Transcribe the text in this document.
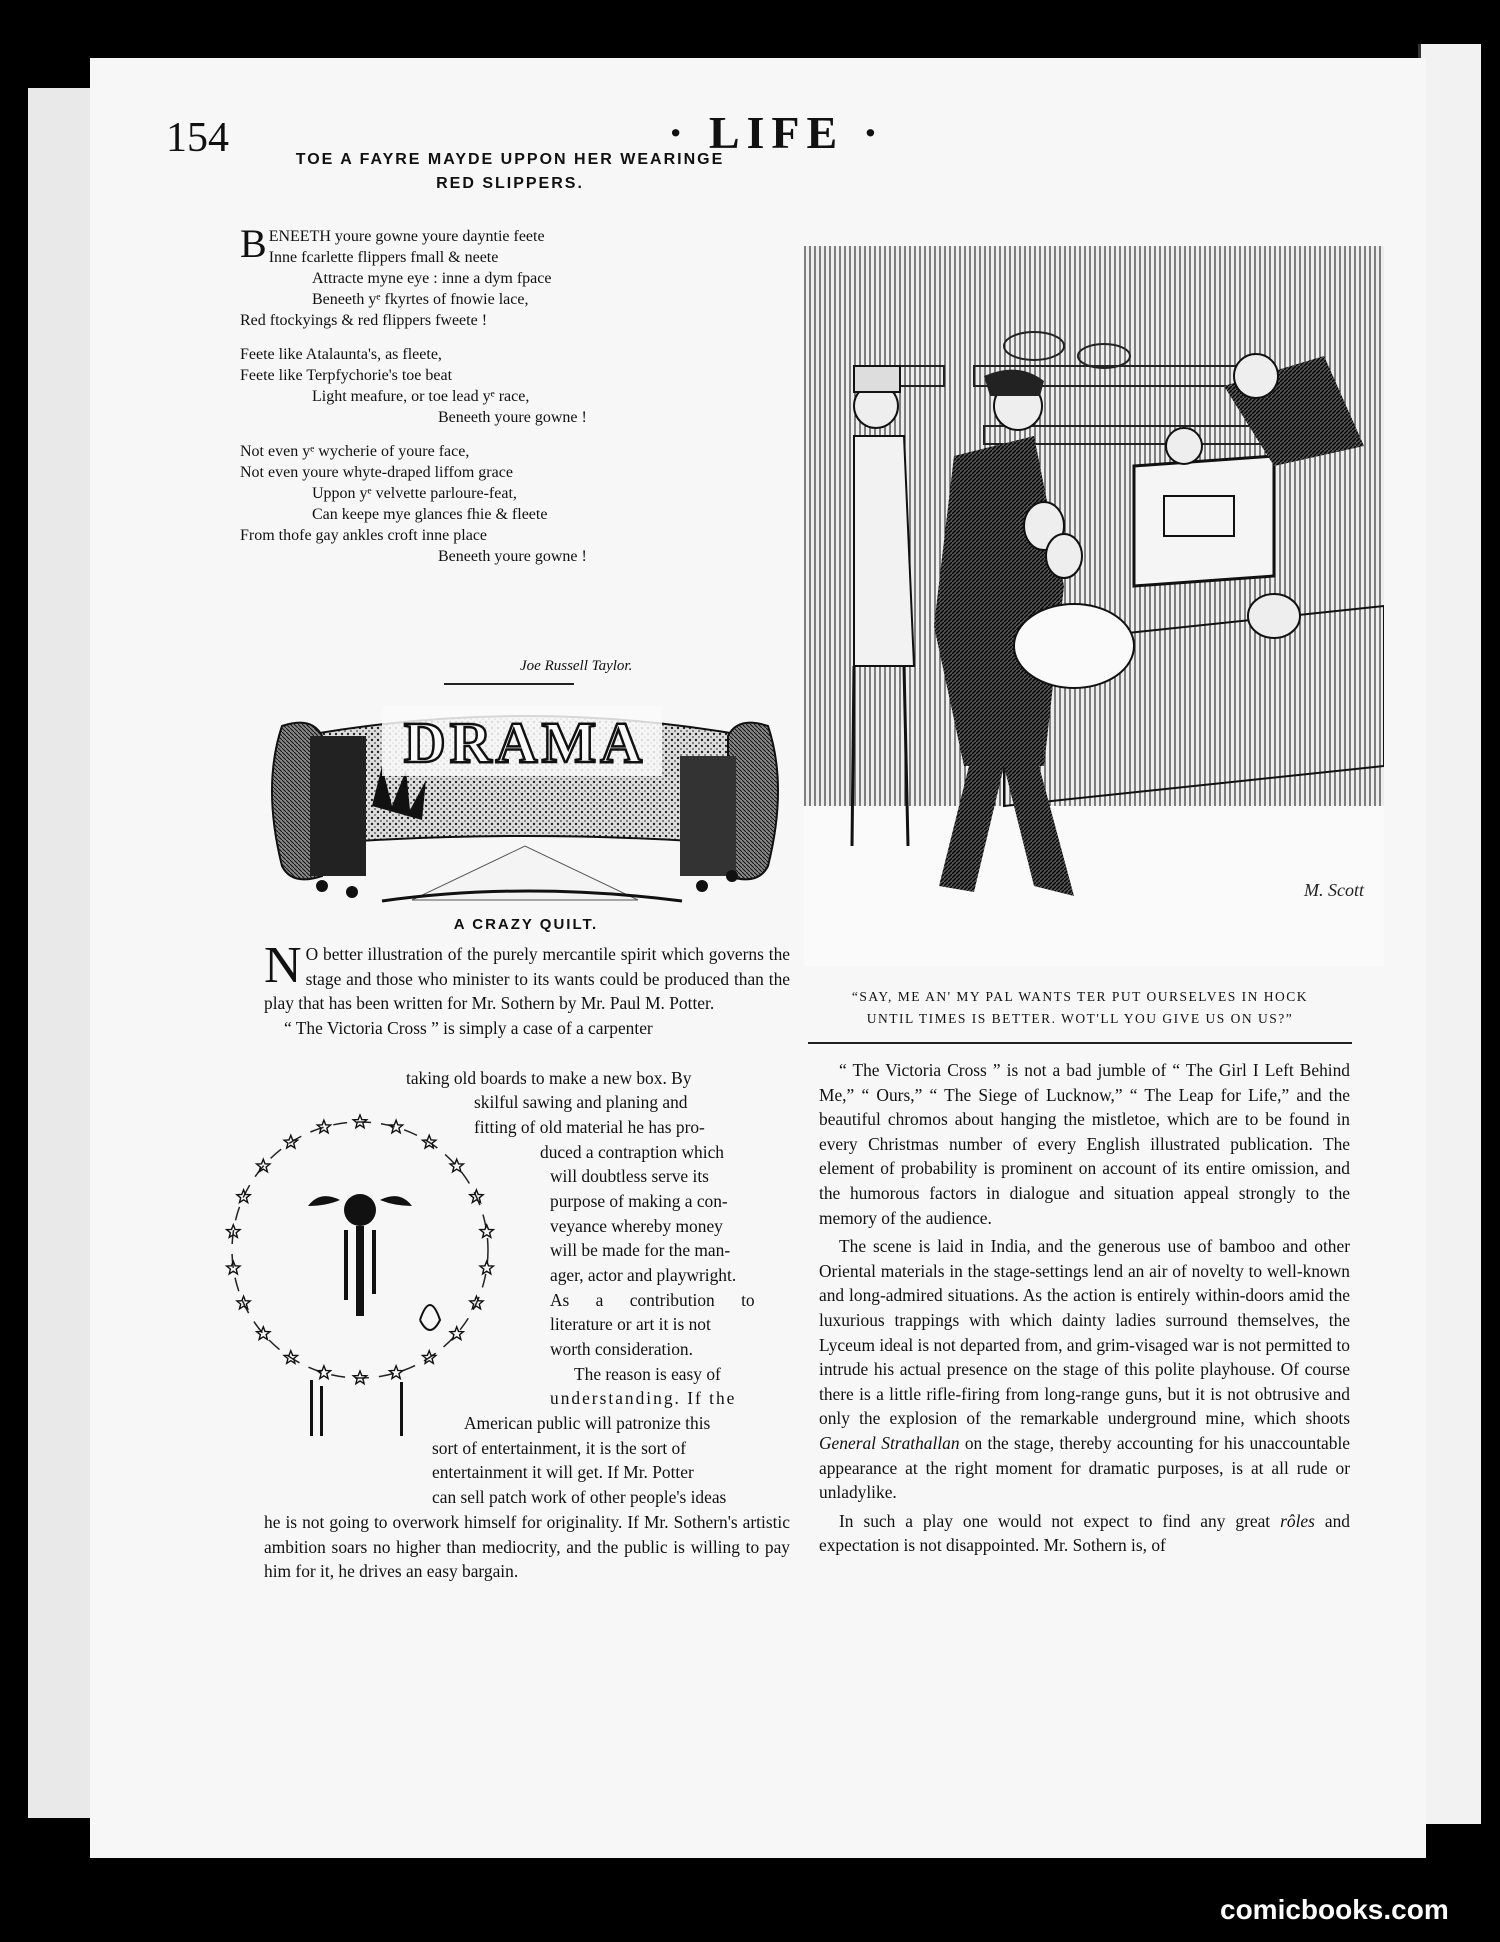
154	· LIFE ·
TOE A FAYRE MAYDE UPPON HER WEARINGE
RED SLIPPERS.
BENEETH youre gowne youre dayntie feete
Inne fcarlette flippers fmall & neete
Attracte myne eye : inne a dym fpace
Beneeth yᵉ fkyrtes of fnowie lace,
Red ftockyings & red flippers fweete !
Feete like Atalaunta's, as fleete,
Feete like Terpfychorie's toe beat
Light meafure, or toe lead yᵉ race,
Beneeth youre gowne !
Not even yᵉ wycherie of youre face,
Not even youre whyte-draped liffom grace
Uppon yᵉ velvette parloure-feat,
Can keepe mye glances fhie & fleete
From thofe gay ankles croft inne place
Beneeth youre gowne !
Joe Russell Taylor.
DRAMA
A CRAZY QUILT.

N O better illustration of the purely mercantile spirit which governs the stage and those who minister to its wants could be produced than the play that has been written for Mr. Sothern by Mr. Paul M. Potter.

“ The Victoria Cross ” is simply a case of a carpenter

taking old boards to make a new box. By
skilful sawing and planing and
fitting of old material he has pro-
duced a contraption which
will doubtless serve its
purpose of making a con-
veyance whereby money
will be made for the man-
ager, actor and playwright.
As a contribution to
literature or art it is not
worth consideration.
The reason is easy of
understanding. If the
American public will patronize this
sort of entertainment, it is the sort of
entertainment it will get. If Mr. Potter
can sell patch work of other people's ideas
he is not going to overwork himself for originality. If Mr. Sothern's artistic ambition soars no higher than mediocrity, and the public is willing to pay him for it, he drives an easy bargain.
M. Scott
“SAY, ME AN' MY PAL WANTS TER PUT OURSELVES IN HOCK
UNTIL TIMES IS BETTER. WOT'LL YOU GIVE US ON US?”

“ The Victoria Cross ” is not a bad jumble of “ The Girl I Left Behind Me,” “ Ours,” “ The Siege of Lucknow,” “ The Leap for Life,” and the beautiful chromos about hanging the mistletoe, which are to be found in every Christmas number of every English illustrated publication. The element of probability is prominent on account of its entire omission, and the humorous factors in dialogue and situation appeal strongly to the memory of the audience.

The scene is laid in India, and the generous use of bamboo and other Oriental materials in the stage-settings lend an air of novelty to well-known and long-admired situations. As the action is entirely within-doors amid the luxurious trappings with which dainty ladies surround themselves, the Lyceum ideal is not departed from, and grim-visaged war is not permitted to intrude his actual presence on the stage of this polite playhouse. Of course there is a little rifle-firing from long-range guns, but it is not obtrusive and only the explosion of the remarkable underground mine, which shoots General Strathallan on the stage, thereby accounting for his unaccountable appearance at the right moment for dramatic purposes, is at all rude or unladylike.

In such a play one would not expect to find any great rôles and expectation is not disappointed. Mr. Sothern is, of

comicbooks.com
